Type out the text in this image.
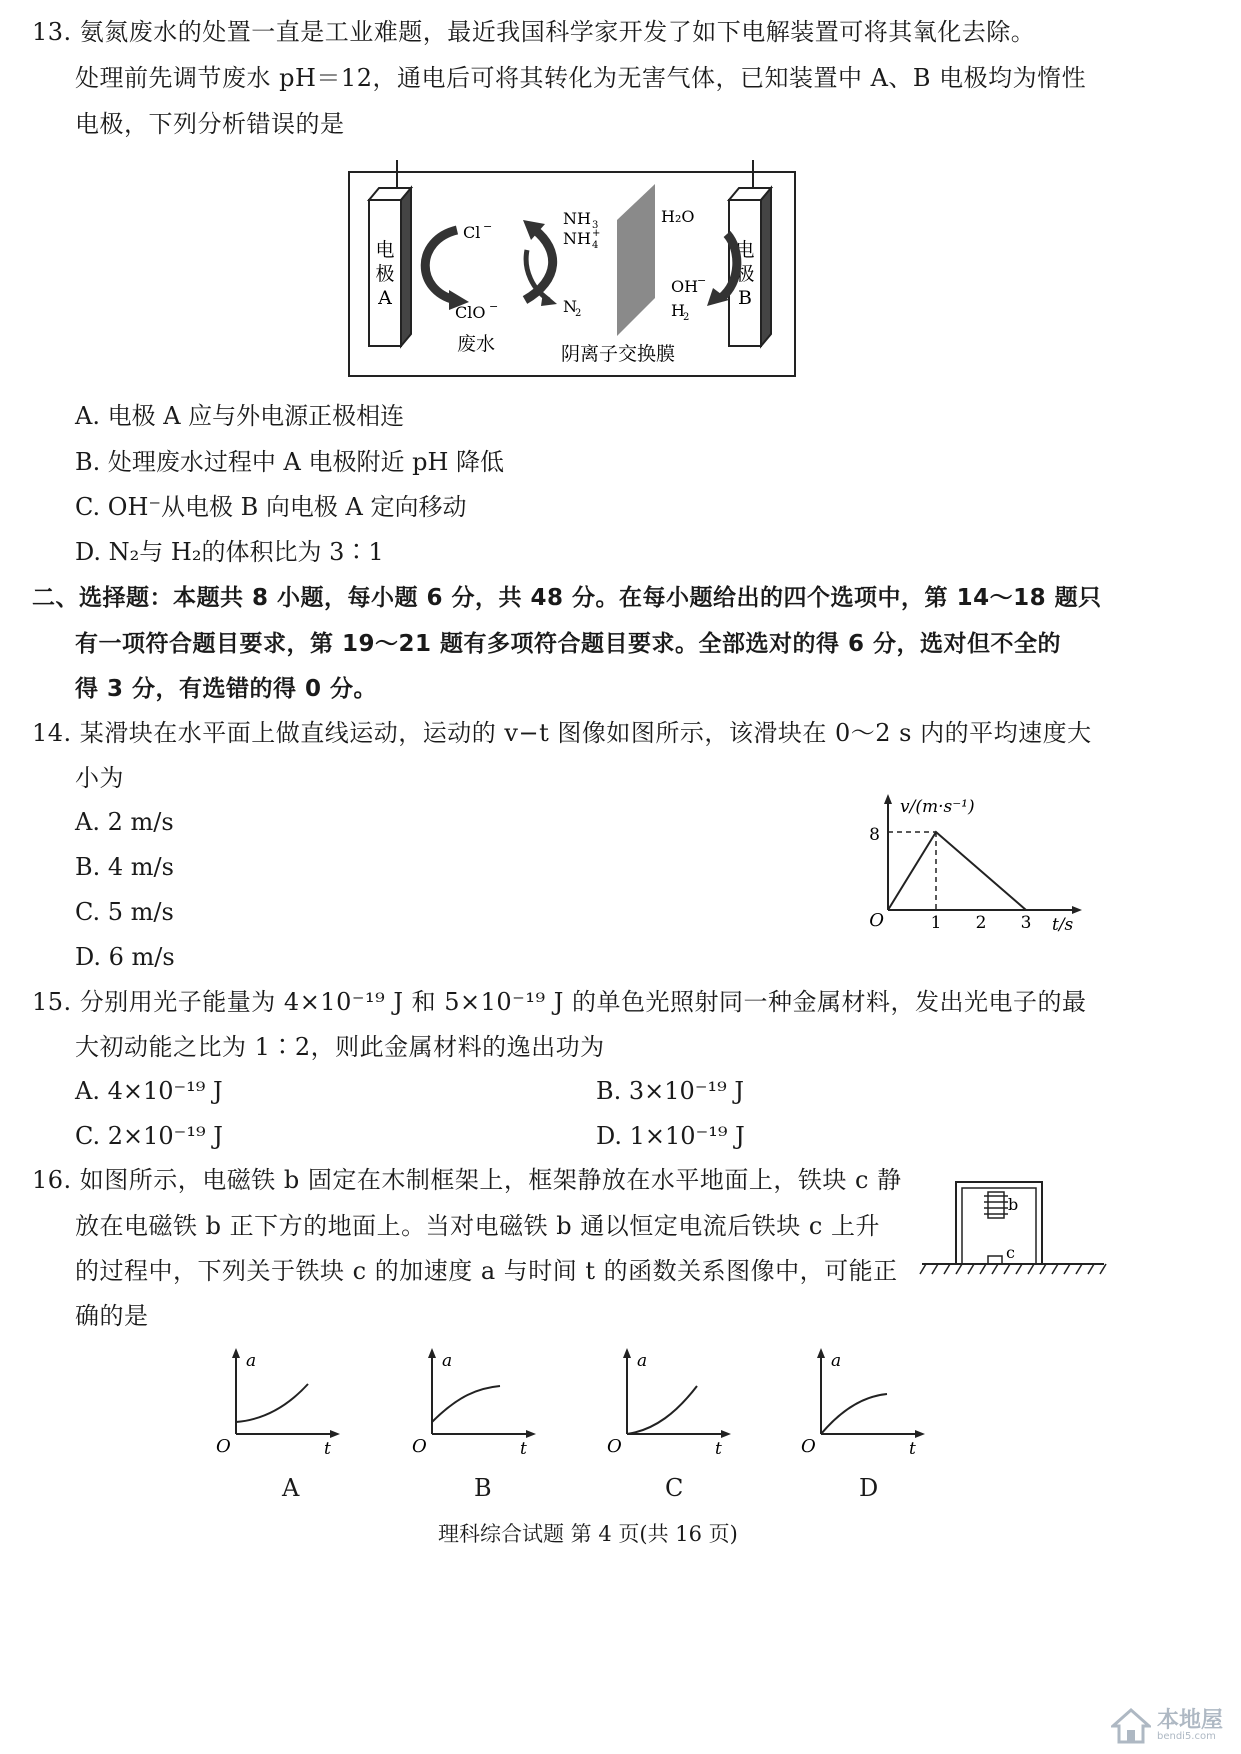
13. 氨氮废水的处置一直是工业难题，最近我国科学家开发了如下电解装置可将其氧化去除。
处理前先调节废水 pH＝12，通电后可将其转化为无害气体，已知装置中 A、B 电极均为惰性
电极，下列分析错误的是
电
极
A
电
极
B
Cl −
ClO −
NH 3
NH 4
+
N
2
H₂O
OH
−
H
2
废水	阴离子交换膜
A. 电极 A 应与外电源正极相连
B. 处理废水过程中 A 电极附近 pH 降低
C. OH⁻从电极 B 向电极 A 定向移动
D. N₂与 H₂的体积比为 3∶1
二、选择题：本题共 8 小题，每小题 6 分，共 48 分。在每小题给出的四个选项中，第 14～18 题只
有一项符合题目要求，第 19～21 题有多项符合题目要求。全部选对的得 6 分，选对但不全的
得 3 分，有选错的得 0 分。
14. 某滑块在水平面上做直线运动，运动的 v−t 图像如图所示，该滑块在 0～2 s 内的平均速度大
小为
A. 2 m/s
B. 4 m/s
C. 5 m/s
D. 6 m/s
v/(m·s⁻¹)
8
O	1 2 3 t/s
15. 分别用光子能量为 4×10⁻¹⁹ J 和 5×10⁻¹⁹ J 的单色光照射同一种金属材料，发出光电子的最
大初动能之比为 1∶2，则此金属材料的逸出功为
A. 4×10⁻¹⁹ J	B. 3×10⁻¹⁹ J
C. 2×10⁻¹⁹ J	D. 1×10⁻¹⁹ J
16. 如图所示，电磁铁 b 固定在木制框架上，框架静放在水平地面上，铁块 c 静
放在电磁铁 b 正下方的地面上。当对电磁铁 b 通以恒定电流后铁块 c 上升
的过程中，下列关于铁块 c 的加速度 a 与时间 t 的函数关系图像中，可能正
确的是
b
c
a
O	t
a
O	t
a
O	t
a
O	t
A	B	C	D
理科综合试题 第 4 页(共 16 页)
本地屋
bendi5.com
